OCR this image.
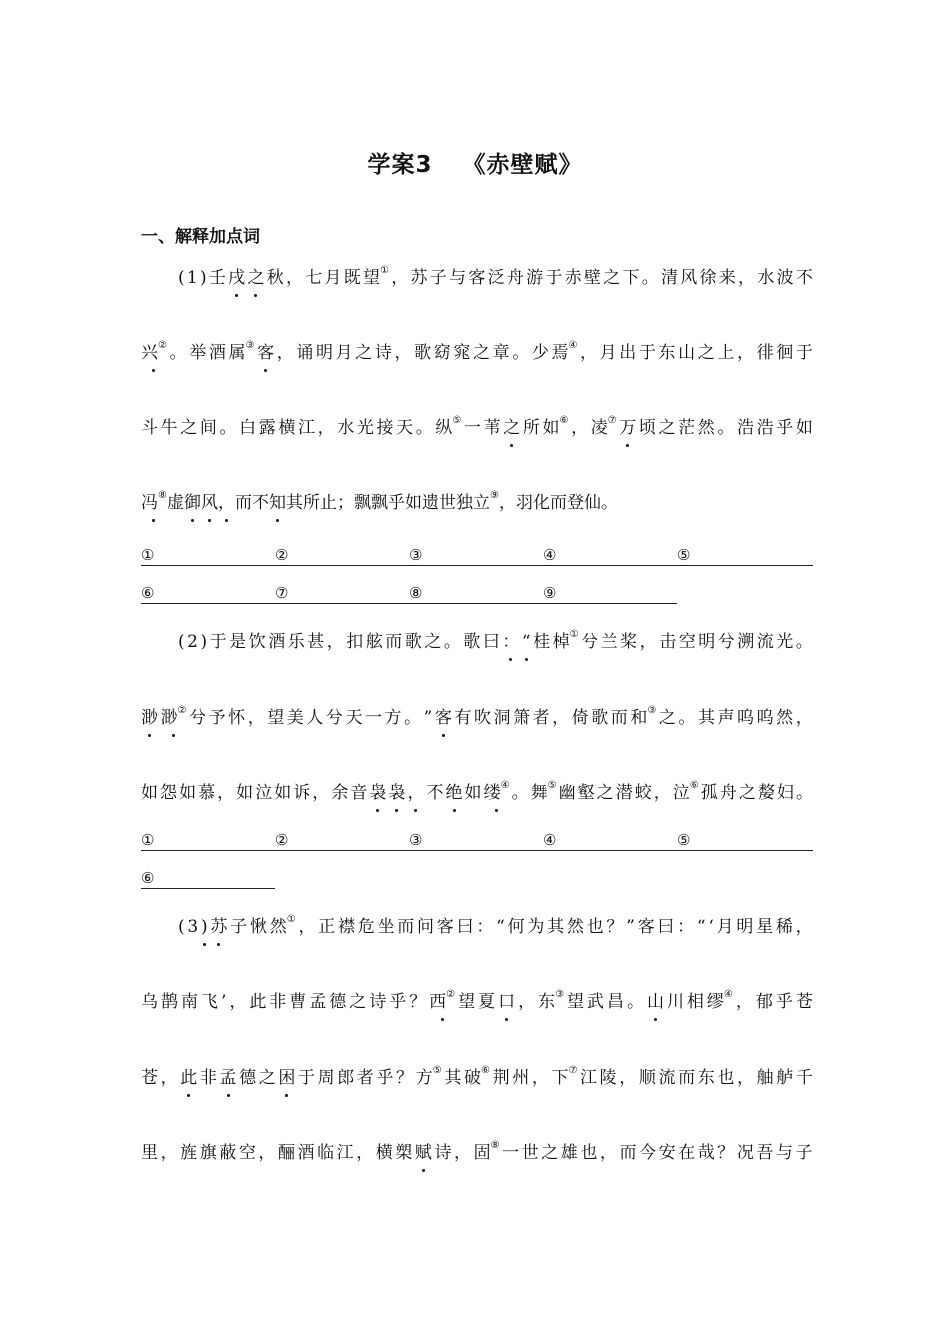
学案3 《赤壁赋》
一、解释加点词
( 1 ) 壬 戌 之 秋 ， 七 月 既 望① ， 苏 子 与 客 泛 舟 游 于 赤 壁 之 下 。 清 风 徐 来 ， 水 波 不
兴② 。 举 酒 属③ 客 ， 诵 明 月 之 诗 ， 歌 窈 窕 之 章 。 少 焉④ ， 月 出 于 东 山 之 上 ， 徘 徊 于
斗 牛 之 间 。 白 露 横 江 ， 水 光 接 天 。 纵⑤ 一 苇 之 所 如⑥ ， 凌⑦ 万 顷 之 茫 然 。 浩 浩 乎 如
冯⑧ 虚 御 风 ， 而 不 知 其 所 止 ； 飘 飘 乎 如 遗 世 独 立⑨ ， 羽 化 而 登 仙 。
( 2 ) 于 是 饮 酒 乐 甚 ， 扣 舷 而 歌 之 。 歌 曰 ： “ 桂 棹① 兮 兰 桨 ， 击 空 明 兮 溯 流 光 。
渺 渺② 兮 予 怀 ， 望 美 人 兮 天 一 方 。 ” 客 有 吹 洞 箫 者 ， 倚 歌 而 和③ 之 。 其 声 呜 呜 然 ，
如 怨 如 慕 ， 如 泣 如 诉 ， 余 音 袅 袅 ， 不 绝 如 缕④ 。 舞⑤ 幽 壑 之 潜 蛟 ， 泣⑥ 孤 舟 之 嫠 妇 。
( 3 ) 苏 子 愀 然① ， 正 襟 危 坐 而 问 客 曰 ： “ 何 为 其 然 也 ？ ” 客 曰 ： “ ‘ 月 明 星 稀 ，
乌 鹊 南 飞 ’ ， 此 非 曹 孟 德 之 诗 乎 ？ 西② 望 夏 口 ， 东③ 望 武 昌 。 山 川 相 缪④ ， 郁 乎 苍
苍 ， 此 非 孟 德 之 困 于 周 郎 者 乎 ？ 方⑤ 其 破⑥ 荆 州 ， 下⑦ 江 陵 ， 顺 流 而 东 也 ， 舳 舻 千
里 ， 旌 旗 蔽 空 ， 酾 酒 临 江 ， 横 槊 赋 诗 ， 固⑧ 一 世 之 雄 也 ， 而 今 安 在 哉 ？ 况 吾 与 子
①	②	③	④	⑤
⑥	⑦	⑧	⑨
①	②	③	④	⑤
⑥
